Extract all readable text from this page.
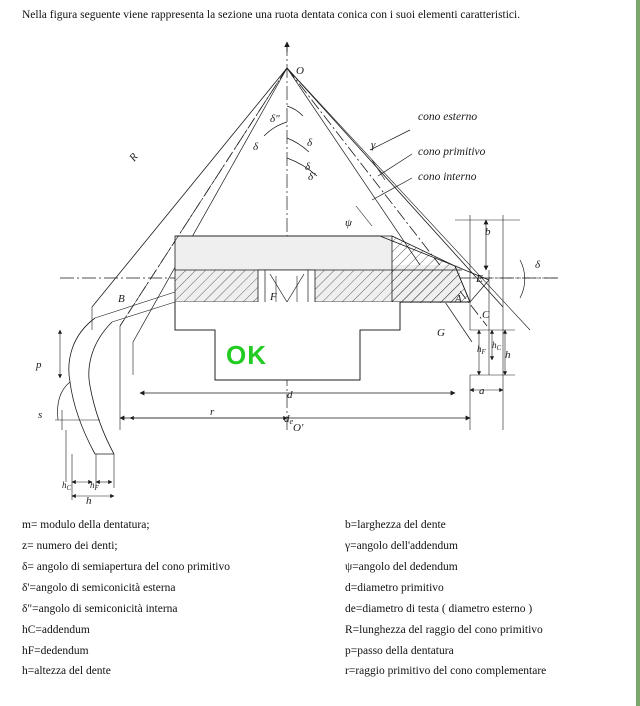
Nella figura seguente viene rappresenta la sezione una ruota dentata conica con i suoi elementi caratteristici.
O
O'
B
C
E
F
G
A
R
p
s	r
b
a
d
de
h
$h_F$
$h_C$
$h_C$ $h_F$
h
δ
δ
δ
δ"
δ'
δ
γ
ψ
cono esterno
cono primitivo
cono interno
OK
m= modulo della dentatura;
z= numero dei denti;
δ= angolo di semiapertura del cono primitivo
δ'=angolo di semiconicità esterna
δ"=angolo di semiconicità interna
hC=addendum
hF=dedendum
h=altezza del dente
b=larghezza del dente
γ=angolo dell'addendum
ψ=angolo del dedendum
d=diametro primitivo
de=diametro di testa ( diametro esterno )
R=lunghezza del raggio del cono primitivo
p=passo della dentatura
r=raggio primitivo del cono complementare
